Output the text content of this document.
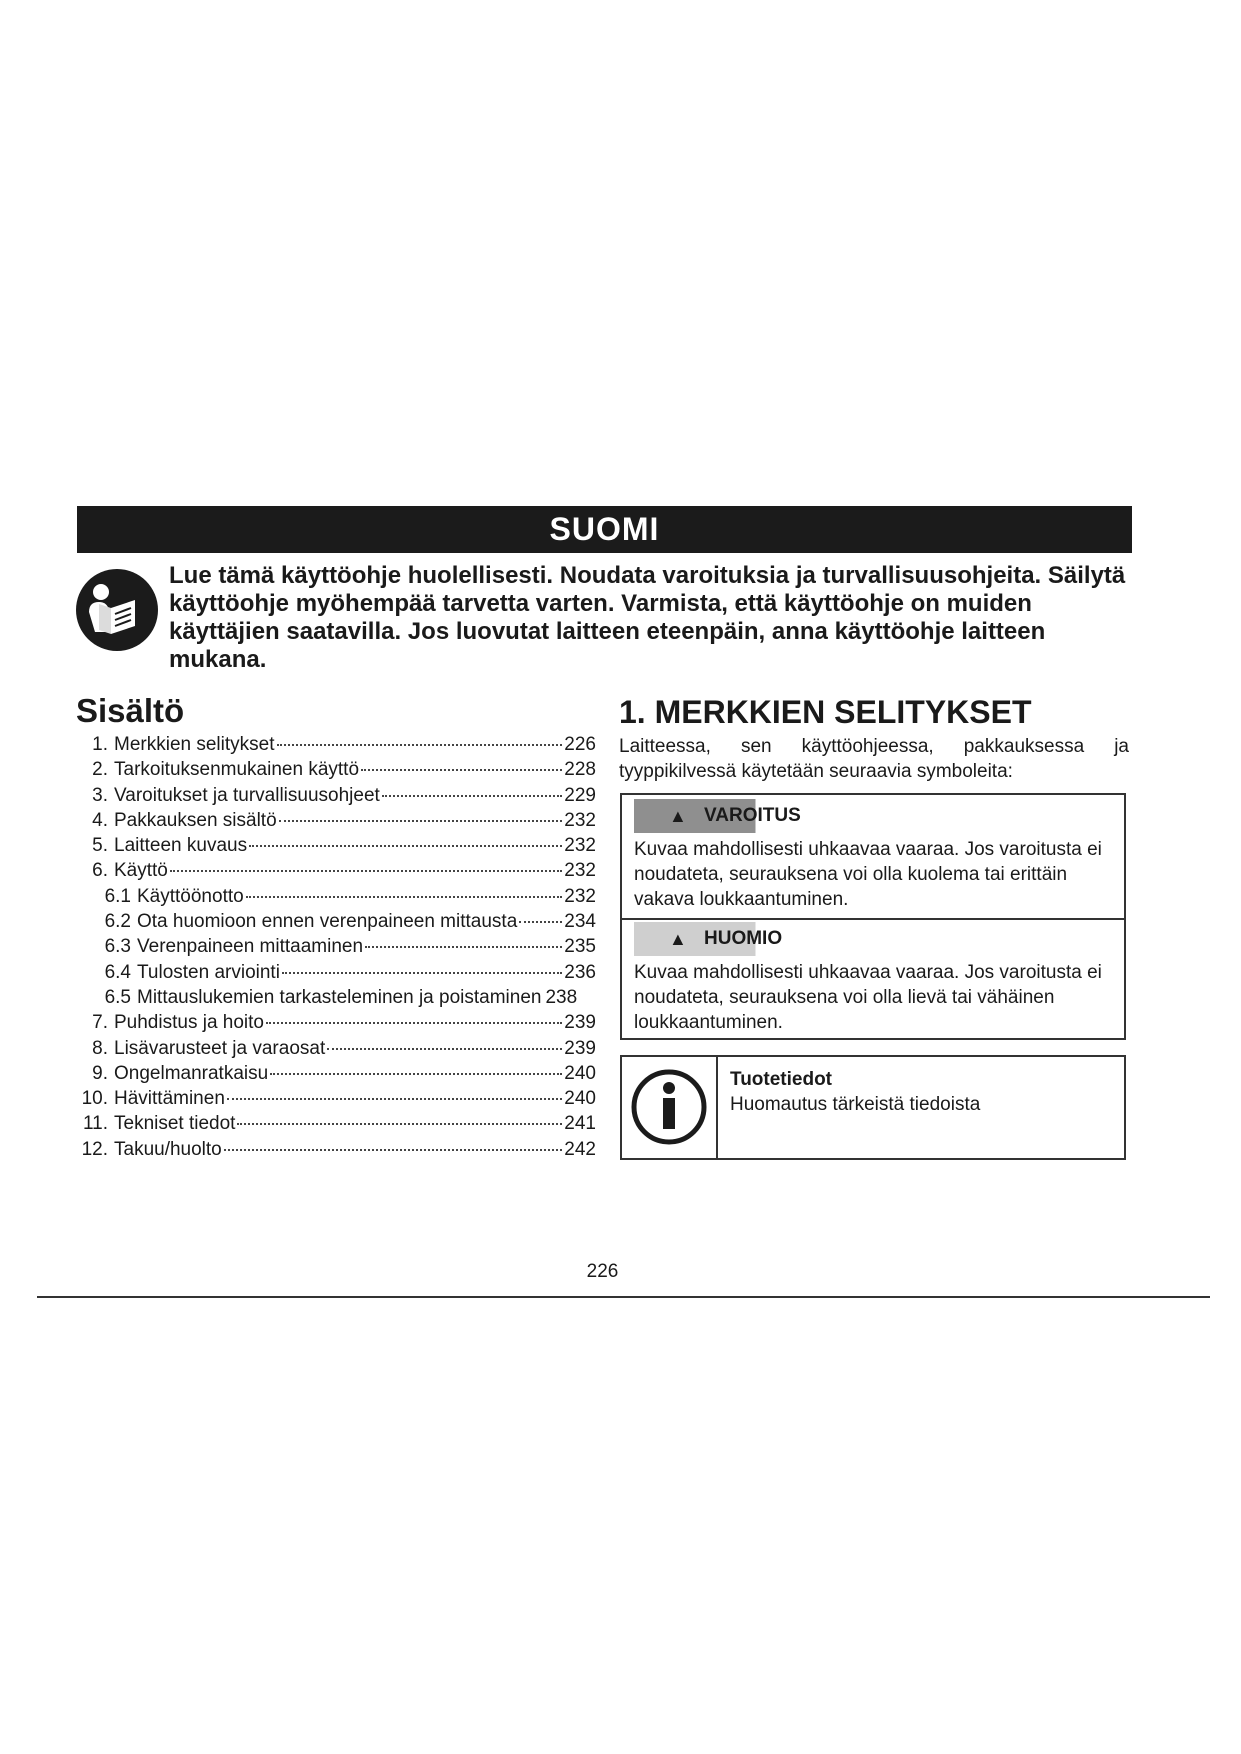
SUOMI
Lue tämä käyttöohje huolellisesti. Noudata varoituksia ja turvallisuusohjeita. Säilytä käyttöohje myöhempää tarvetta varten. Varmista, että käyttöohje on muiden käyttäjien saatavilla. Jos luovutat laitteen eteenpäin, anna käyttöohje laitteen mukana.
Sisältö
1. Merkkien selitykset	226
2. Tarkoituksenmukainen käyttö	228
3. Varoitukset ja turvallisuusohjeet	229
4. Pakkauksen sisältö	232
5. Laitteen kuvaus	232
6. Käyttö	232
6.1 Käyttöönotto	232
6.2 Ota huomioon ennen verenpaineen mittausta 234
6.3 Verenpaineen mittaaminen	235
6.4 Tulosten arviointi	236
6.5 Mittauslukemien tarkasteleminen ja poistaminen 238
7. Puhdistus ja hoito	239
8. Lisävarusteet ja varaosat	239
9. Ongelmanratkaisu	240
10. Hävittäminen	240
11. Tekniset tiedot	241
12. Takuu/huolto	242
1. MERKKIEN SELITYKSET
Laitteessa, sen käyttöohjeessa, pakkauksessa ja tyyppikilvessä käytetään seuraavia symboleita:
▲ VAROITUS
Kuvaa mahdollisesti uhkaavaa vaaraa. Jos varoitusta ei noudateta, seurauksena voi olla kuolema tai erittäin vakava loukkaantuminen.
▲ HUOMIO
Kuvaa mahdollisesti uhkaavaa vaaraa. Jos varoitusta ei noudateta, seurauksena voi olla lievä tai vähäinen loukkaantuminen.
Tuotetiedot
Huomautus tärkeistä tiedoista
226
